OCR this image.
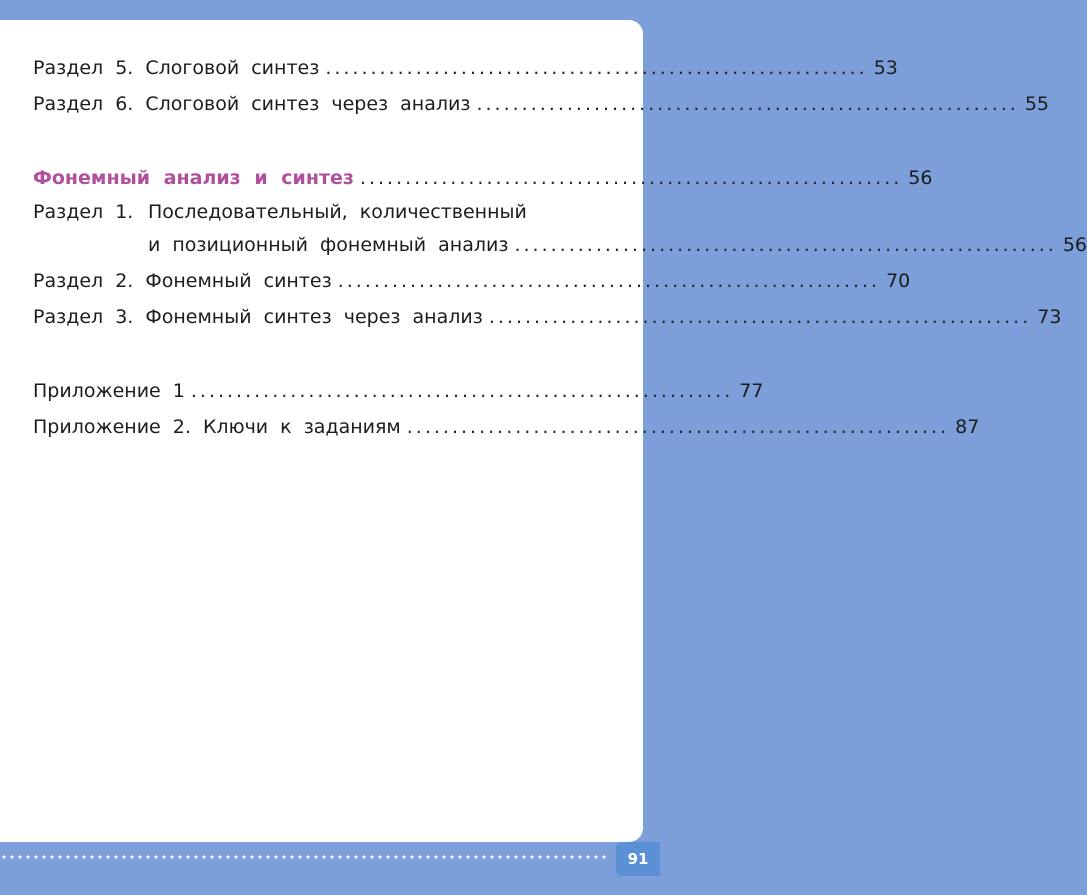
Раздел 5. Слоговой синтез ............................................................ 53
Раздел 6. Слоговой синтез через анализ ............................................................ 55
Фонемный анализ и синтез ............................................................ 56
Раздел 1. Последовательный, количественный
и позиционный фонемный анализ ............................................................ 56
Раздел 2. Фонемный синтез ............................................................ 70
Раздел 3. Фонемный синтез через анализ ............................................................ 73
Приложение 1 ............................................................ 77
Приложение 2. Ключи к заданиям ............................................................ 87
91
